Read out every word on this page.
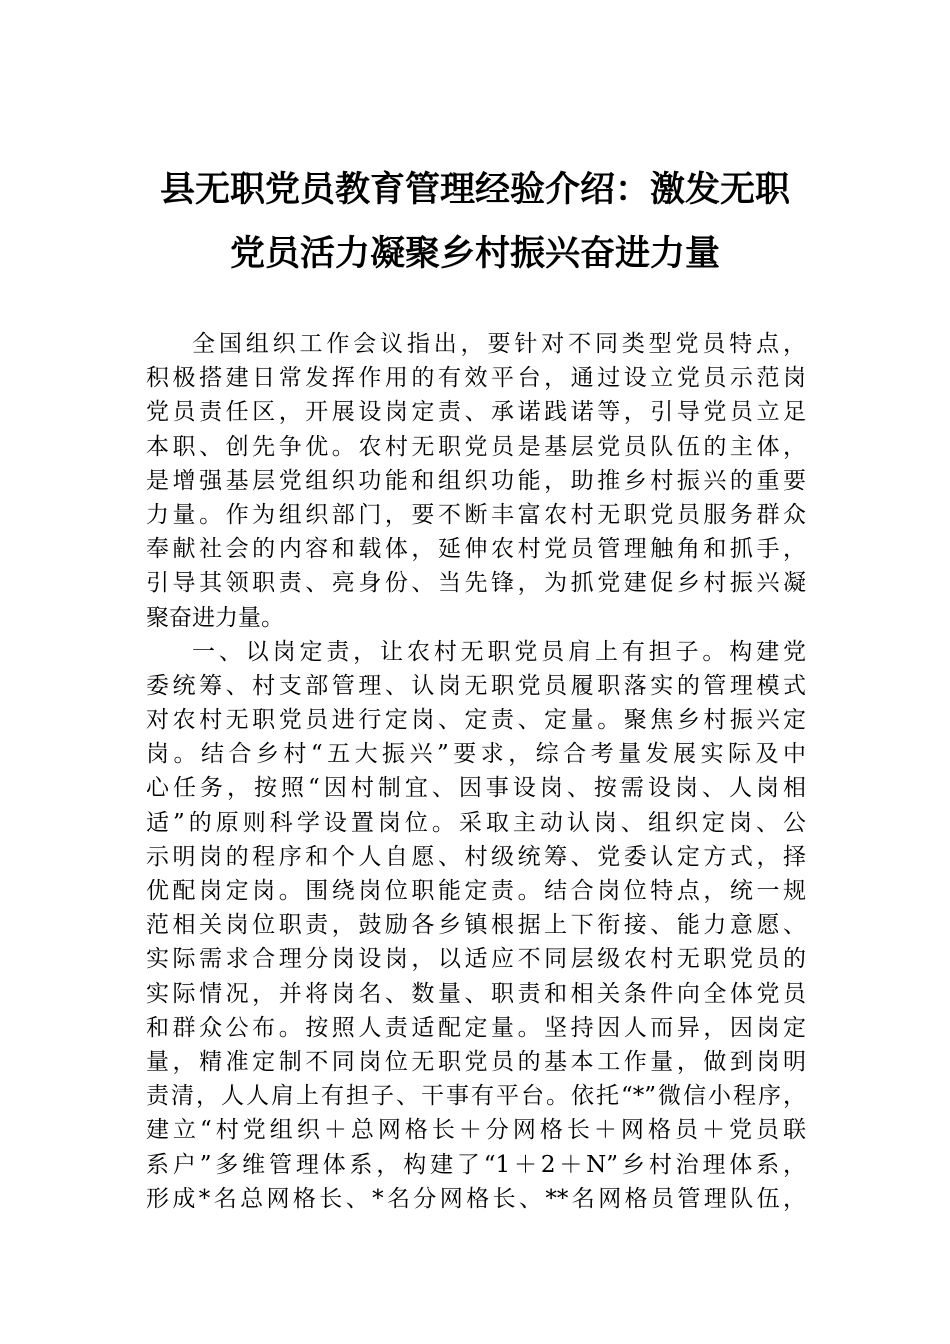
县无职党员教育管理经验介绍：激发无职
党员活力凝聚乡村振兴奋进力量
全国组织工作会议指出，要针对不同类型党员特点，
积极搭建日常发挥作用的有效平台，通过设立党员示范岗
党员责任区，开展设岗定责、承诺践诺等，引导党员立足
本职、创先争优。农村无职党员是基层党员队伍的主体，
是增强基层党组织功能和组织功能，助推乡村振兴的重要
力量。作为组织部门，要不断丰富农村无职党员服务群众
奉献社会的内容和载体，延伸农村党员管理触角和抓手，
引导其领职责、亮身份、当先锋，为抓党建促乡村振兴凝
聚奋进力量。
一、以岗定责，让农村无职党员肩上有担子。构建党
委统筹、村支部管理、认岗无职党员履职落实的管理模式
对农村无职党员进行定岗、定责、定量。聚焦乡村振兴定
岗。结合乡村“五大振兴”要求，综合考量发展实际及中
心任务，按照“因村制宜、因事设岗、按需设岗、人岗相
适”的原则科学设置岗位。采取主动认岗、组织定岗、公
示明岗的程序和个人自愿、村级统筹、党委认定方式，择
优配岗定岗。围绕岗位职能定责。结合岗位特点，统一规
范相关岗位职责，鼓励各乡镇根据上下衔接、能力意愿、
实际需求合理分岗设岗，以适应不同层级农村无职党员的
实际情况，并将岗名、数量、职责和相关条件向全体党员
和群众公布。按照人责适配定量。坚持因人而异，因岗定
量，精准定制不同岗位无职党员的基本工作量，做到岗明
责清，人人肩上有担子、干事有平台。依托“*”微信小程序，
建立“村党组织＋总网格长＋分网格长＋网格员＋党员联
系户”多维管理体系，构建了“1＋2＋N”乡村治理体系，
形成*名总网格长、*名分网格长、**名网格员管理队伍，
